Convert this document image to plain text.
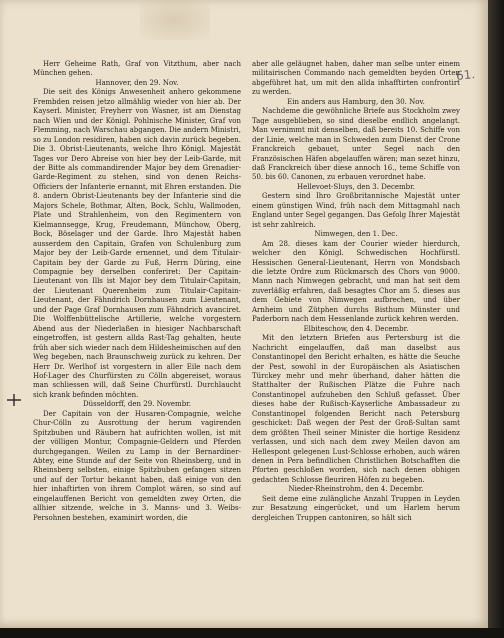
61.

Herr Geheime Rath, Graf von Vitzthum, aber nach München gehen.

Hannover, den 29. Nov.

Die seit des Königs Anwesenheit anhero gekommene Frembden reisen jetzo allmählig wieder von hier ab. Der Kayserl. Minister, Freyherr von Wasner, ist am Dienstag nach Wien und der Königl. Pohlnische Minister, Graf von Flemming, nach Warschau abgangen. Die andern Ministri, so zu London residiren, haben sich davin zurück begeben. Die 3. Obrist-Lieutenants, welche Ihro Königl. Majestät Tages vor Dero Abreise von hier bey der Leib-Garde, mit der Bitte als commandirender Major bey dem Grenadier-Garde-Regiment zu stehen, sind von denen Reichs-Officiers der Infanterie ernannt, mit Ehren erstanden. Die 8. andern Obrist-Lieutenants bey der Infanterie sind die Majors Schele, Bothmar, Alten, Bock, Schlu, Wallmoden, Plate und Strahlenheim, von den Regimentern von Kielmannsegge, Krug, Freudemann, Münchow, Oberg, Bock, Böselager und der Garde. Ihro Majestät haben ausserdem den Capitain, Grafen von Schulenburg zum Major bey der Leib-Garde ernennet, und dem Titulair-Capitain bey der Garde zu Fuß, Herrn Düring, eine Compagnie bey derselben conferiret: Der Capitain-Lieutenant von Ills ist Major bey dem Titulair-Capitain, der Lieutenant Querenheim zum Titulair-Capitain-Lieutenant, der Fähndrich Dornhausen zum Lieutenant, und der Page Graf Dornhausen zum Fähndrich avanciret. Die Wolffenbüttelische Artillerie, welche vorgestern Abend aus der Niederlaßen in hiesiger Nachbarschaft eingetroffen, ist gestern allda Rast-Tag gehalten, heute früh aber sich wieder nach dem Hildesheimischen auf den Weg begeben, nach Braunschweig zurück zu kehren. Der Herr Dr. Werlhof ist vorgestern in aller Eile nach dem Hof-Lager des Churfürsten zu Cölln abgereiset, woraus man schliessen will, daß Seine Churfürstl. Durchlaucht sich krank befinden möchten.

Düsseldorff, den 29. Novembr.

Der Capitain von der Husaren-Compagnie, welche Chur-Cölln zu Ausrottung der herum vagirenden Spitzbuben und Räubern hat aufrichten wollen, ist mit der völligen Montur, Compagnie-Geldern und Pferden durchgegangen. Weilen zu Lamp in der Bernardiner-Abtey, eine Stunde auf der Seite von Rheinsberg, und in Rheinsberg selbsten, einige Spitzbuben gefangen sitzen und auf der Tortur bekannt haben, daß einige von den hier inhaftirten von ihrem Complot wären, so sind auf eingelauffenen Bericht von gemeldten zwey Orten, die allhier sitzende, welche in 3. Manns- und 3. Weibs-Persohnen bestehen, examinirt worden, die

aber alle geläugnet haben, daher man selbe unter einem militairischen Commando nach gemeldten beyden Orten abgeführet hat, um mit den allda inhafftirten confrontirt zu werden.

Ein anders aus Hamburg, den 30. Nov.

Nachdeme die gewöhnliche Briefe aus Stockholm zwey Tage ausgeblieben, so sind dieselbe endlich angelangt. Man vernimmt mit denselben, daß bereits 10. Schiffe von der Linie, welche man in Schweden zum Dienst der Crone Franckreich gebauet, unter Segel nach den Französischen Häfen abgelauffen wären; man sezet hinzu, daß Franckreich über diese annoch 16., teme Schiffe von 50. bis 60. Canonen, zu erbauen verordnet habe.

Hellevoet-Sluys, den 3. Decembr.

Gestern sind Ihro Großbritannische Majestät unter einem günstigen Wind, früh nach dem Mittagmahl nach England unter Segel gegangen. Das Gefolg Ihrer Majestät ist sehr zahlreich.

Nimwegen, den 1. Dec.

Am 28. dieses kam der Courier wieder hierdurch, welcher den Königl. Schwedischen Hochfürstl. Hessischen General-Lieutenant, Herrn von Mondsbach die letzte Ordre zum Rückmarsch des Chors von 9000. Mann nach Nimwegen gebracht, und man hat seit dem zuverläßig erfahren, daß besagtes Chor am 5. dieses aus dem Gebiete von Nimwegen aufbrechen, und über Arnheim und Zütphen durchs Bisthum Münster und Paderborn nach dem Hessenlande zurück kehren werden.

Elbiteschow, den 4. Decembr.

Mit den letztern Briefen aus Pertersburg ist die Nachricht eingelauffen, daß man daselbst aus Constantinopel den Bericht erhalten, es hätte die Seuche der Pest, sowohl in der Europäischen als Asiatischen Türckey mehr und mehr überhand, daher hätten die Statthalter der Rußischen Plätze die Fuhre nach Constantinopel aufzuheben den Schluß gefasset. Über dieses habe der Rußisch-Kayserliche Ambassadeur zu Constantinopel folgenden Bericht nach Petersburg geschicket: Daß wegen der Pest der Groß-Sultan samt dem größten Theil seiner Minister die hortige Residenz verlassen, und sich nach dem zwey Meilen davon am Hellespont gelegenen Lust-Schlosse erhoben, auch wären denen in Pera befindlichen Christlichen Botschafften die Pforten geschloßen worden, sich nach denen obhigen gedachten Schlosse fleuriren Höfen zu begeben.

Nieder-Rheinstrohm, den 4. Decembr.

Seit deme eine zulängliche Anzahl Truppen in Leyden zur Besatzung eingerücket, und um Harlem herum dergleichen Truppen cantoniren, so hält sich
